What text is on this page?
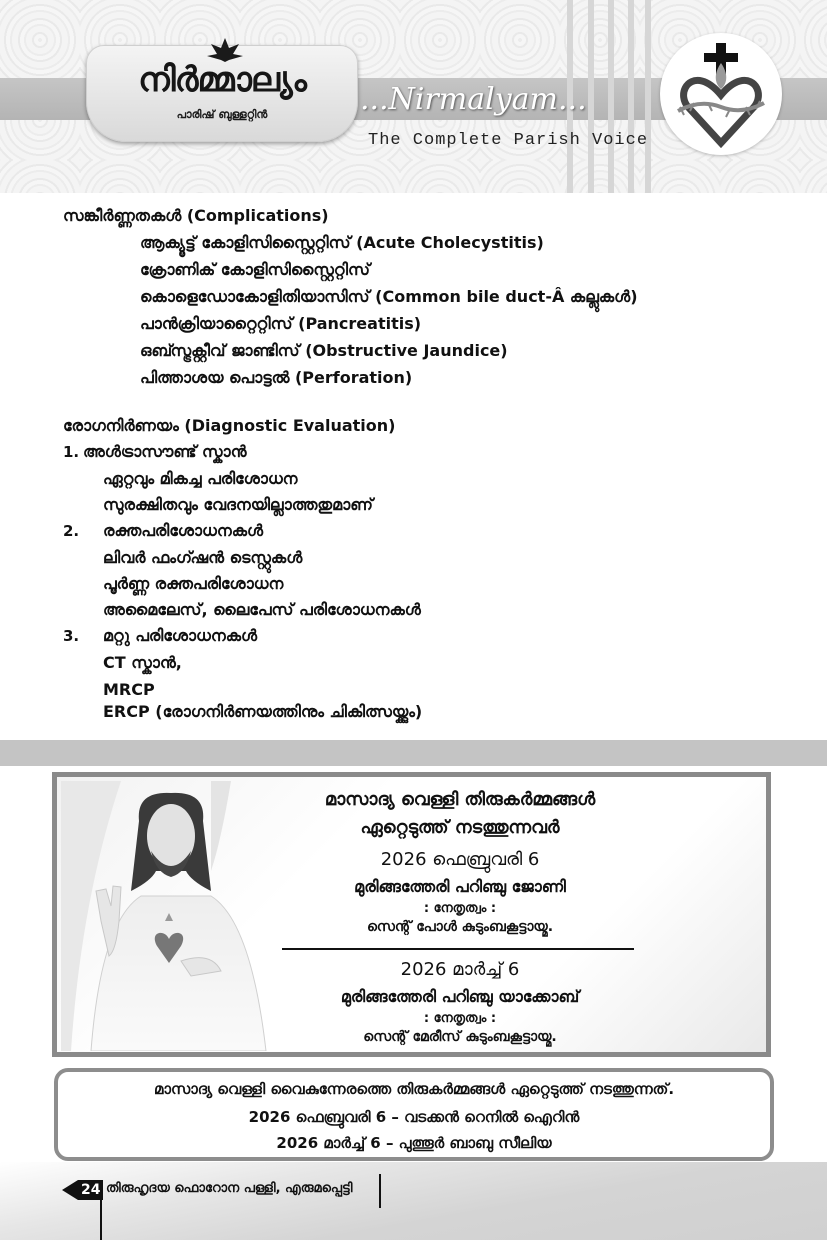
നിർമ്മാല്യം
പാരിഷ് ബുള്ളറ്റിൻ	...Nirmalyam...
The Complete Parish Voice
സങ്കീർണ്ണതകൾ (Complications)
ആക്യൂട്ട് കോളിസിസ്റ്റൈറ്റിസ് (Acute Cholecystitis)
ക്രോണിക് കോളിസിസ്റ്റൈറ്റിസ്
കൊളെഡോകോളിതിയാസിസ് (Common bile duct-Â കല്ലുകൾ)
പാൻക്രിയാറ്റൈറ്റിസ് (Pancreatitis)
ഒബ്സ്ട്രക്റ്റീവ് ജാണ്ടിസ് (Obstructive Jaundice)
പിത്താശയ പൊട്ടൽ (Perforation)
രോഗനിർണയം (Diagnostic Evaluation)
1. അൾട്രാസൗണ്ട് സ്കാൻ
ഏറ്റവും മികച്ച പരിശോധന
സുരക്ഷിതവും വേദനയില്ലാത്തതുമാണ്
2. രക്തപരിശോധനകൾ
ലിവർ ഫംഗ്ഷൻ ടെസ്റ്റുകൾ
പൂർണ്ണ രക്തപരിശോധന
അമൈലേസ്, ലൈപേസ് പരിശോധനകൾ
3. മറ്റു പരിശോധനകൾ
CT സ്കാൻ,
MRCP
ERCP (രോഗനിർണയത്തിനും ചികിത്സയ്ക്കും)
മാസാദ്യ വെള്ളി തിരുകർമ്മങ്ങൾ
ഏറ്റെടുത്ത് നടത്തുന്നവർ
2026 ഫെബ്രുവരി 6
മുരിങ്ങത്തേരി പറിഞ്ചു ജോണി
: നേതൃത്വം :
സെന്റ് പോൾ കുടുംബകൂട്ടായ്മ.
2026 മാർച്ച് 6
മുരിങ്ങത്തേരി പറിഞ്ചു യാക്കോബ്
: നേതൃത്വം :
സെന്റ് മേരീസ് കുടുംബകൂട്ടായ്മ.
മാസാദ്യ വെള്ളി വൈകുന്നേരത്തെ തിരുകർമ്മങ്ങൾ ഏറ്റെടുത്ത് നടത്തുന്നത്.
2026 ഫെബ്രുവരി 6 – വടക്കൻ റെനിൽ ഐറിൻ
2026 മാർച്ച് 6 – പുത്തൂർ ബാബു സീലിയ
24 തിരുഹൃദയ ഫൊറോന പള്ളി, എരുമപ്പെട്ടി
